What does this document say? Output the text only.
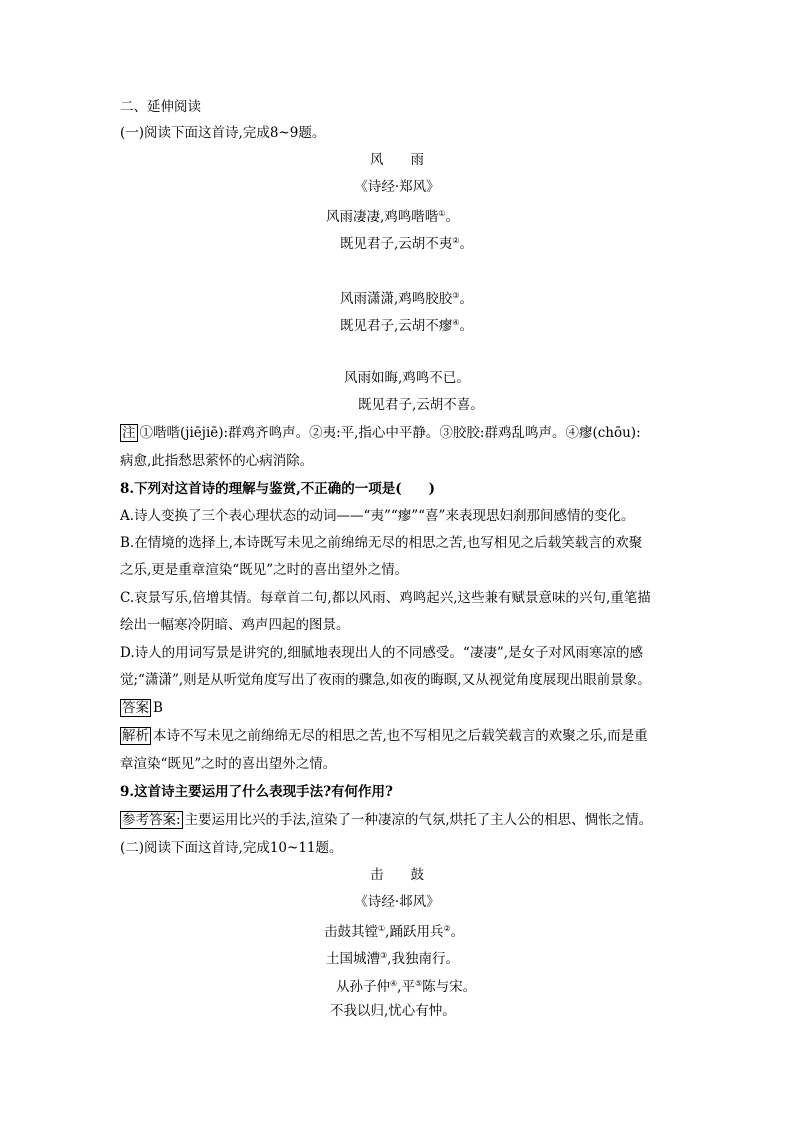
二、延伸阅读
(一)阅读下面这首诗,完成8~9题。
风　　雨
《诗经·郑风》
风雨凄凄,鸡鸣喈喈①。
既见君子,云胡不夷②。
风雨潇潇,鸡鸣胶胶③。
既见君子,云胡不瘳④。
风雨如晦,鸡鸣不已。
既见君子,云胡不喜。
注 ①喈喈(jiējiē):群鸡齐鸣声。②夷:平,指心中平静。③胶胶:群鸡乱鸣声。④瘳(chōu):
病愈,此指愁思萦怀的心病消除。
8.下列对这首诗的理解与鉴赏,不正确的一项是(　　)
A.诗人变换了三个表心理状态的动词——“夷”“瘳”“喜”来表现思妇刹那间感情的变化。
B.在情境的选择上,本诗既写未见之前绵绵无尽的相思之苦,也写相见之后载笑载言的欢聚
之乐,更是重章渲染“既见”之时的喜出望外之情。
C.哀景写乐,倍增其情。每章首二句,都以风雨、鸡鸣起兴,这些兼有赋景意味的兴句,重笔描
绘出一幅寒冷阴暗、鸡声四起的图景。
D.诗人的用词写景是讲究的,细腻地表现出人的不同感受。“凄凄”,是女子对风雨寒凉的感
觉;“潇潇”,则是从听觉角度写出了夜雨的骤急,如夜的晦暝,又从视觉角度展现出眼前景象。
答案 B
解析 本诗不写未见之前绵绵无尽的相思之苦,也不写相见之后载笑载言的欢聚之乐,而是重
章渲染“既见”之时的喜出望外之情。
9.这首诗主要运用了什么表现手法?有何作用?
参考答案: 主要运用比兴的手法,渲染了一种凄凉的气氛,烘托了主人公的相思、惆怅之情。
(二)阅读下面这首诗,完成10~11题。
击　　鼓
《诗经·邶风》
击鼓其镗①,踊跃用兵②。
土国城漕③,我独南行。
从孙子仲④,平⑤陈与宋。
不我以归,忧心有忡。
